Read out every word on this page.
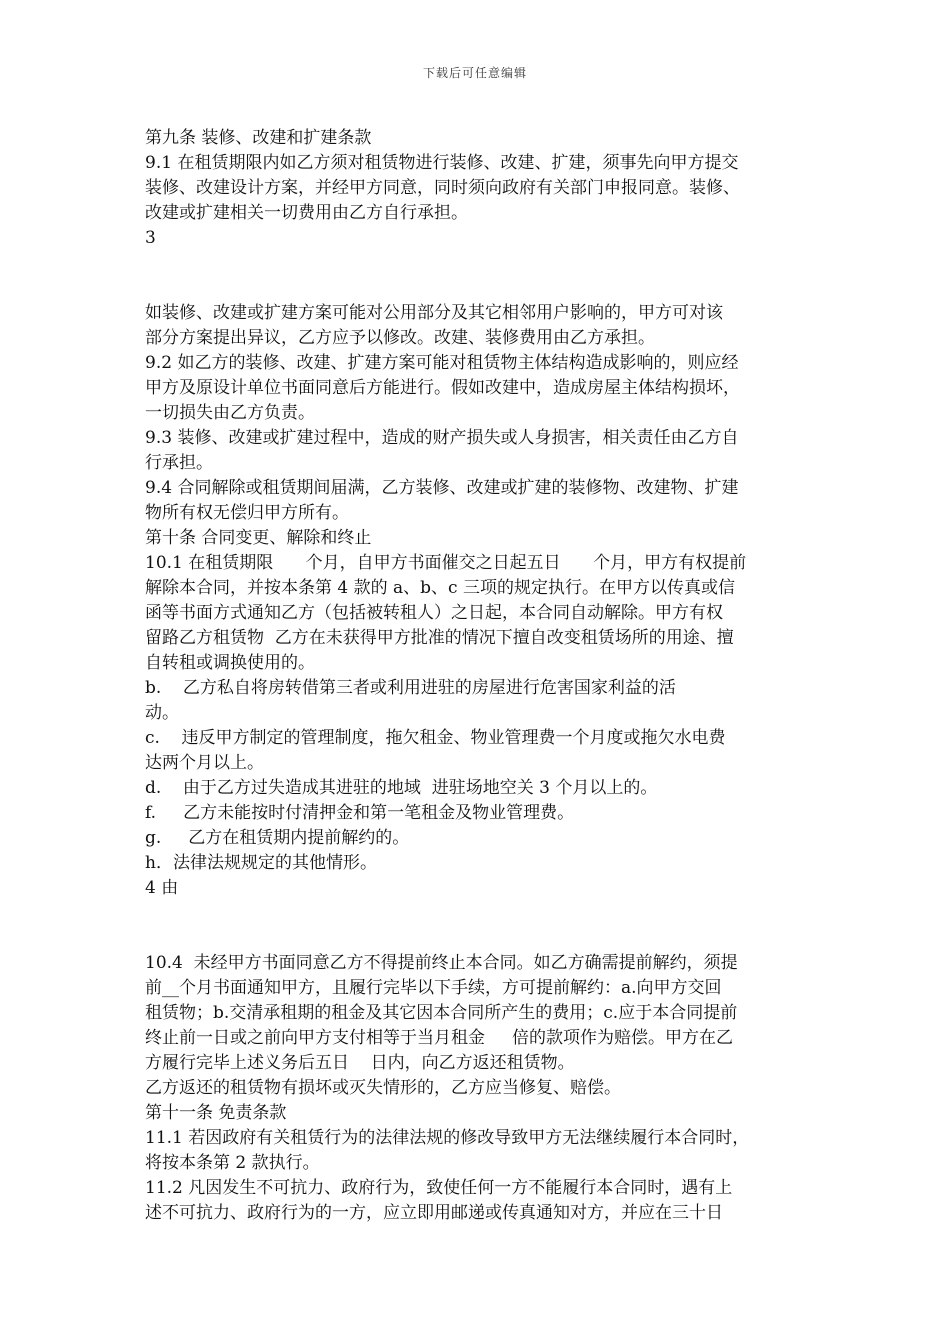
下载后可任意编辑
第九条 装修、改建和扩建条款
9.1 在租赁期限内如乙方须对租赁物进行装修、改建、扩建，须事先向甲方提交
装修、改建设计方案，并经甲方同意，同时须向政府有关部门申报同意。装修、
改建或扩建相关一切费用由乙方自行承担。
3
如装修、改建或扩建方案可能对公用部分及其它相邻用户影响的，甲方可对该
部分方案提出异议，乙方应予以修改。改建、装修费用由乙方承担。
9.2 如乙方的装修、改建、扩建方案可能对租赁物主体结构造成影响的，则应经
甲方及原设计单位书面同意后方能进行。假如改建中，造成房屋主体结构损坏，
一切损失由乙方负责。
9.3 装修、改建或扩建过程中，造成的财产损失或人身损害，相关责任由乙方自
行承担。
9.4 合同解除或租赁期间届满，乙方装修、改建或扩建的装修物、改建物、扩建
物所有权无偿归甲方所有。
第十条 合同变更、解除和终止
10.1 在租赁期限      个月，自甲方书面催交之日起五日      个月，甲方有权提前
解除本合同，并按本条第 4 款的 a、b、c 三项的规定执行。在甲方以传真或信
函等书面方式通知乙方（包括被转租人）之日起，本合同自动解除。甲方有权
留路乙方租赁物  乙方在未获得甲方批准的情况下擅自改变租赁场所的用途、擅
自转租或调换使用的。
b.    乙方私自将房转借第三者或利用进驻的房屋进行危害国家利益的活
动。
c.    违反甲方制定的管理制度，拖欠租金、物业管理费一个月度或拖欠水电费
达两个月以上。
d.    由于乙方过失造成其进驻的地域  进驻场地空关 3 个月以上的。
f.     乙方未能按时付清押金和第一笔租金及物业管理费。
g.     乙方在租赁期内提前解约的。
h．法律法规规定的其他情形。
4 由
10.4  未经甲方书面同意乙方不得提前终止本合同。如乙方确需提前解约，须提
前__个月书面通知甲方，且履行完毕以下手续，方可提前解约：a.向甲方交回
租赁物；b.交清承租期的租金及其它因本合同所产生的费用；c.应于本合同提前
终止前一日或之前向甲方支付相等于当月租金     倍的款项作为赔偿。甲方在乙
方履行完毕上述义务后五日    日内，向乙方返还租赁物。
乙方返还的租赁物有损坏或灭失情形的，乙方应当修复、赔偿。
第十一条 免责条款
11.1 若因政府有关租赁行为的法律法规的修改导致甲方无法继续履行本合同时，
将按本条第 2 款执行。
11.2 凡因发生不可抗力、政府行为，致使任何一方不能履行本合同时，遇有上
述不可抗力、政府行为的一方，应立即用邮递或传真通知对方，并应在三十日
